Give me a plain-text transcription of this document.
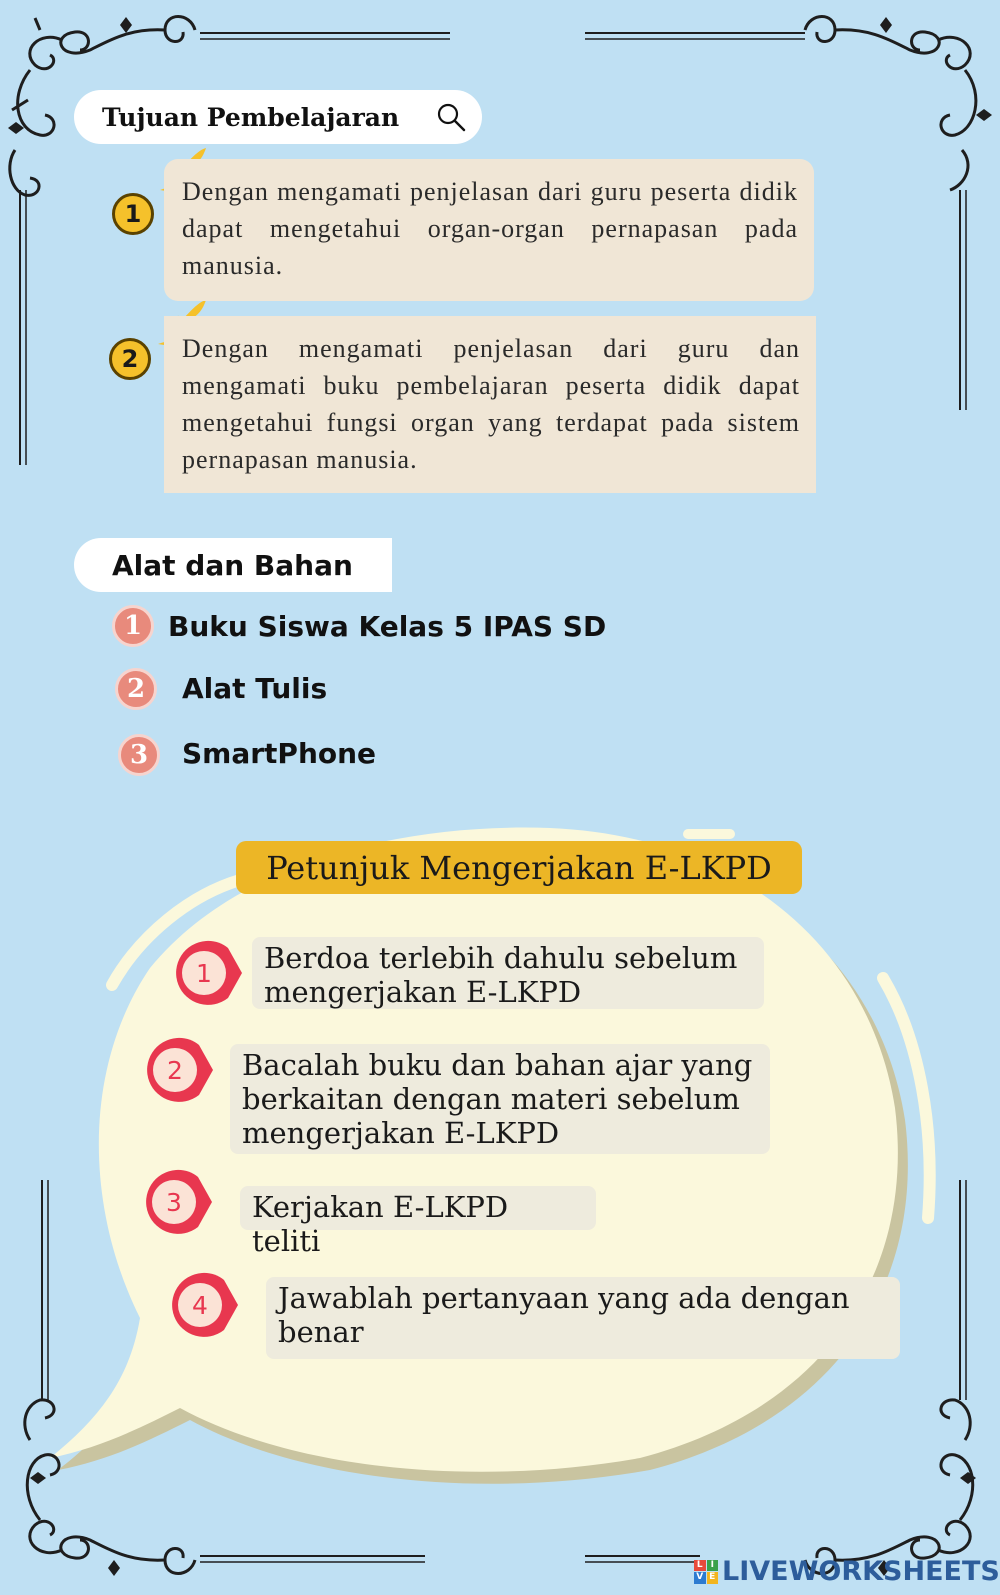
Tujuan Pembelajaran
1
Dengan mengamati penjelasan dari guru peserta didik dapat mengetahui organ-organ pernapasan pada manusia.
2	Dengan mengamati penjelasan dari guru dan mengamati buku pembelajaran peserta didik dapat mengetahui fungsi organ yang terdapat pada sistem pernapasan manusia.
Alat dan Bahan
1 Buku Siswa Kelas 5 IPAS SD
2	Alat Tulis
3	SmartPhone
Petunjuk Mengerjakan E-LKPD
1	Berdoa terlebih dahulu sebelum mengerjakan E-LKPD
2	Bacalah buku dan bahan ajar yang berkaitan dengan materi sebelum mengerjakan E-LKPD
3	Kerjakan E-LKPD teliti
4	Jawablah pertanyaan yang ada dengan benar
L I
V E LIVEWORKSHEETS
